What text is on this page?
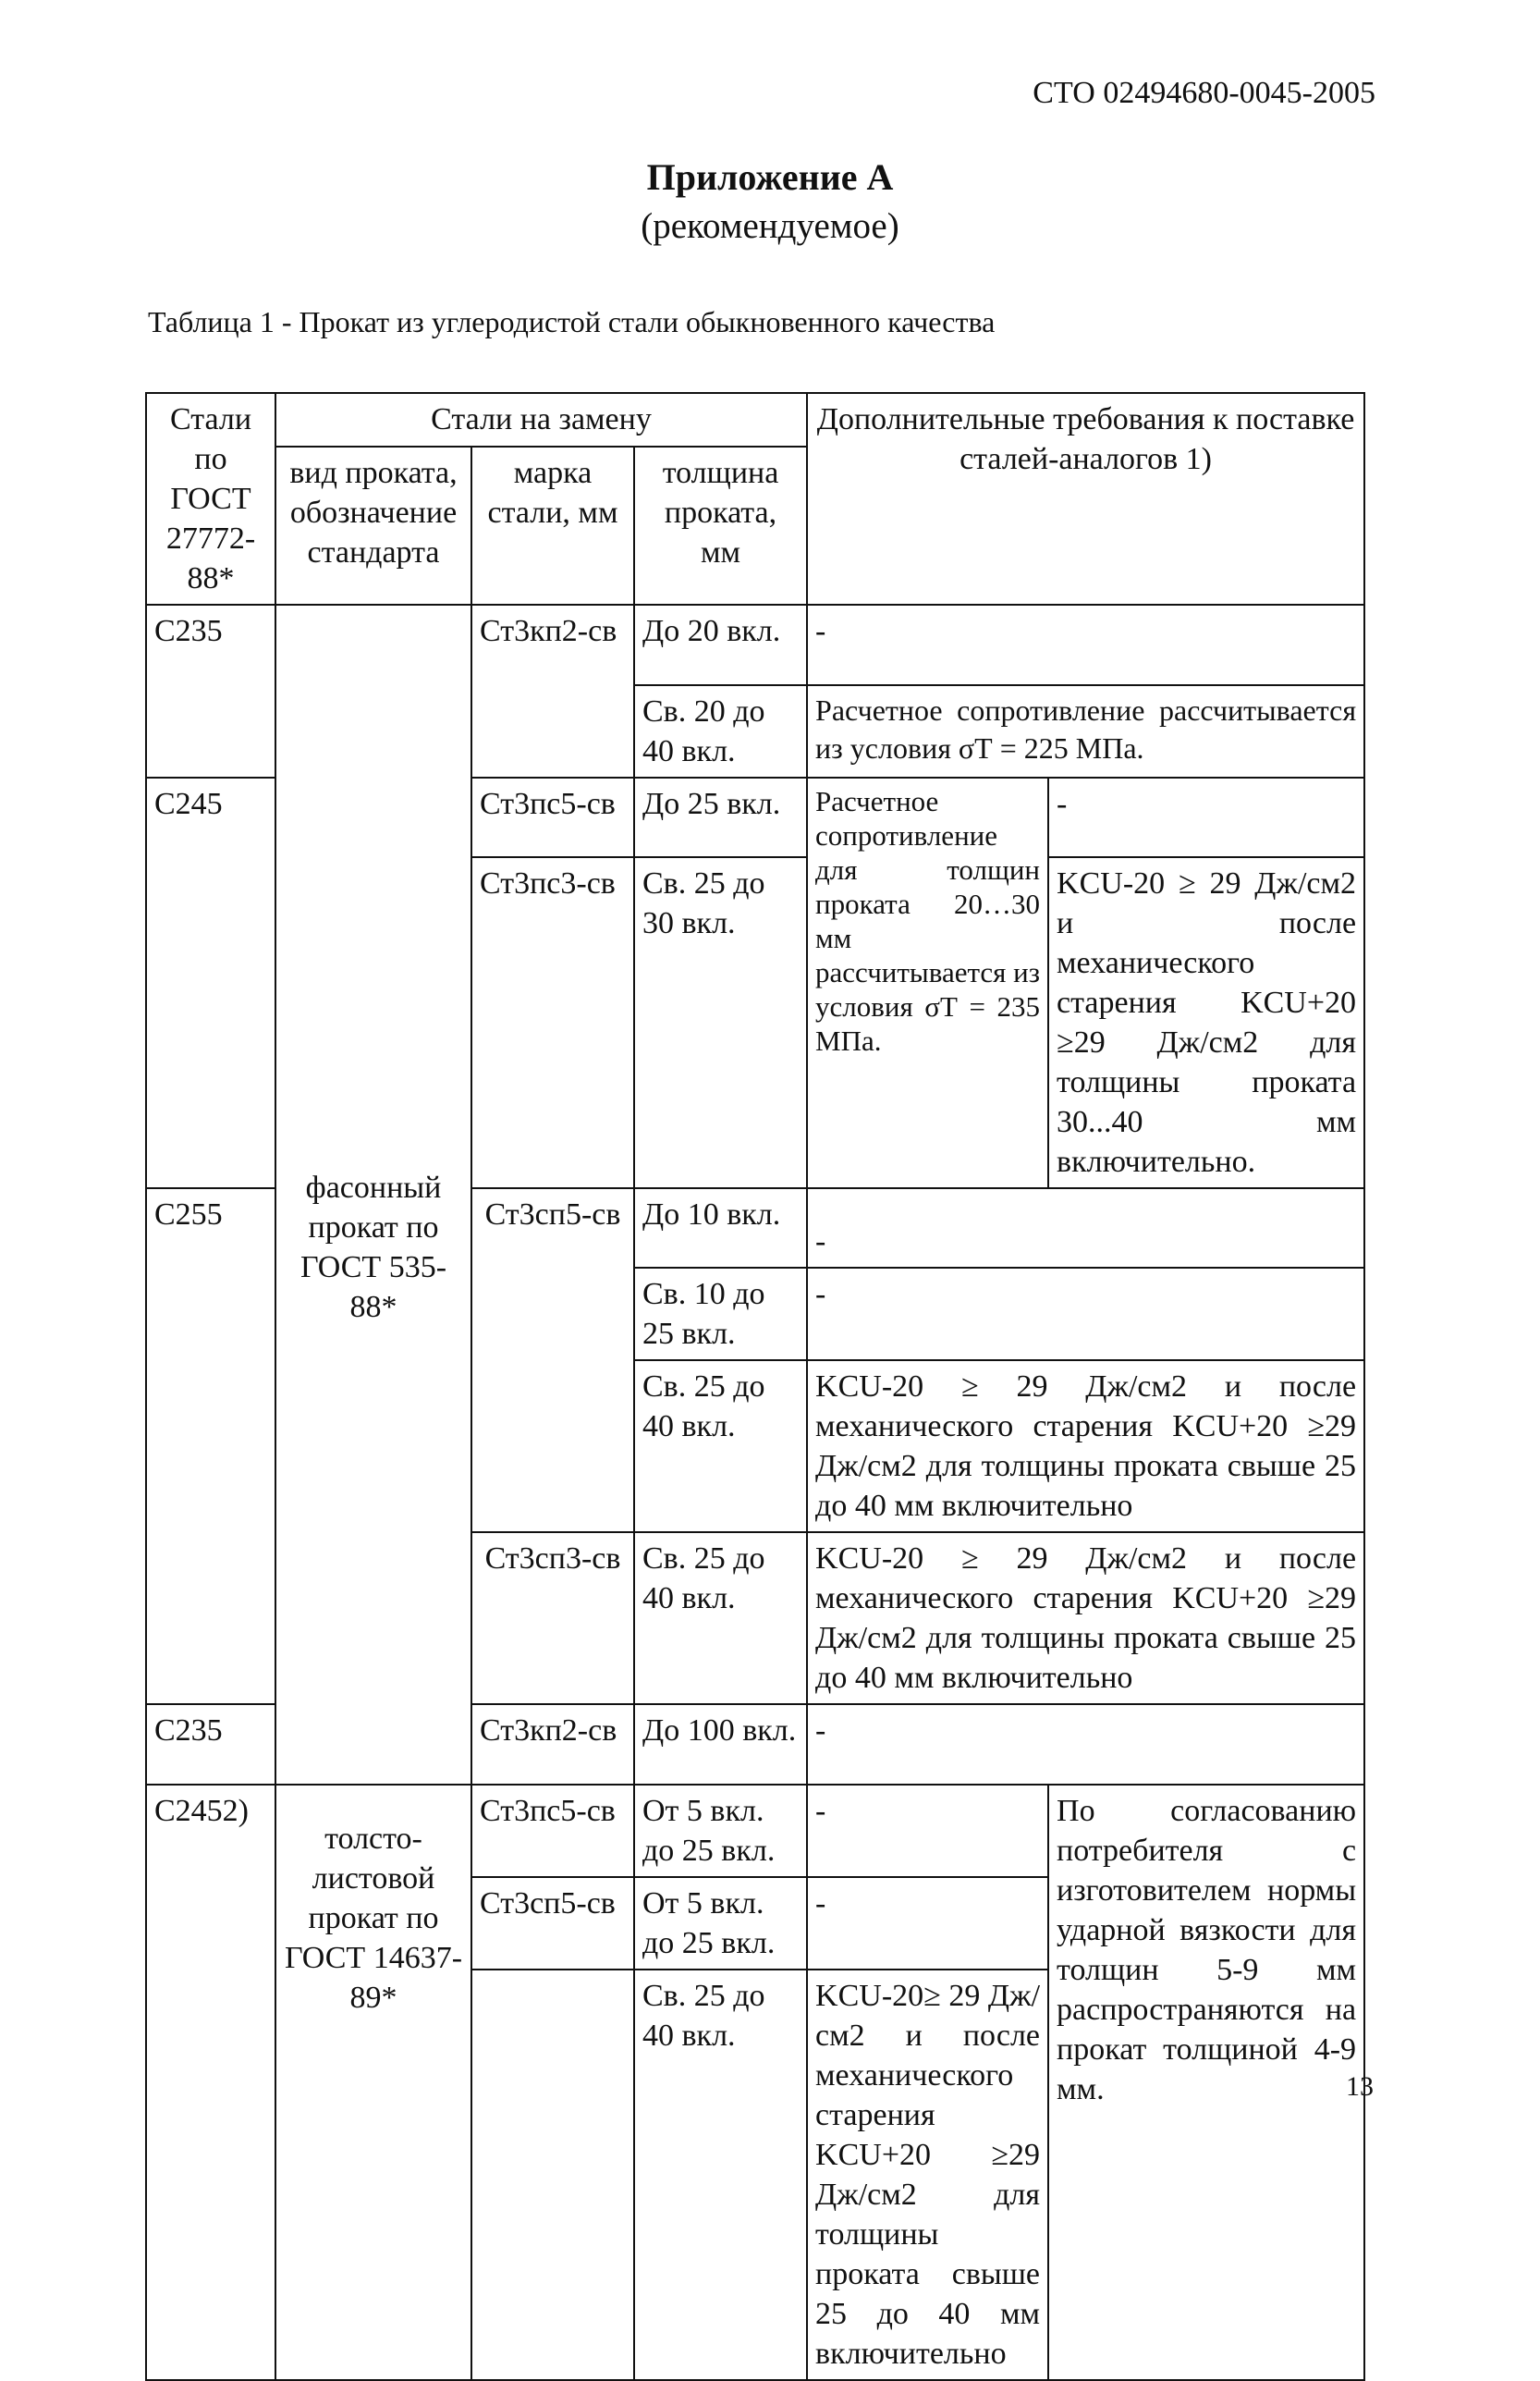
СТО 02494680-0045-2005
Приложение А
(рекомендуемое)
Таблица 1 - Прокат из углеродистой стали обыкновенного качества
Стали по ГОСТ 27772-88*	Стали на замену			Дополнительные требования к поставке сталей-аналогов 1)	
	вид проката, обозначение стандарта	марка стали, мм	толщина проката, мм		
С235	фасонный прокат по ГОСТ 535-88*	Ст3кп2-св	До 20 вкл.	-	
			Св. 20 до 40 вкл.	Расчетное сопротивление рассчитывается из условия σТ = 225 МПа.	
С245		Ст3пс5-св	До 25 вкл.	Расчетное сопротивление для толщин проката 20…30 мм рассчитывается из условия σТ = 235 МПа.	-
		Ст3пс3-св	Св. 25 до 30 вкл.		KCU-20 ≥ 29 Дж/см2 и после механического старения KCU+20 ≥29 Дж/см2 для толщины проката 30...40 мм включительно.
С255		Ст3сп5-св	До 10 вкл.	-	
			Св. 10 до 25 вкл.	-	
			Св. 25 до 40 вкл.	KCU-20 ≥ 29 Дж/см2 и после механического старения KCU+20 ≥29 Дж/см2 для толщины проката свыше 25 до 40 мм включительно	
		Ст3сп3-св	Св. 25 до 40 вкл.	KCU-20 ≥ 29 Дж/см2 и после механического старения KCU+20 ≥29 Дж/см2 для толщины проката свыше 25 до 40 мм включительно	
С235		Ст3кп2-св	До 100 вкл.	-	
С2452)	толсто-листовой прокат по ГОСТ 14637-89*	Ст3пс5-св	От 5 вкл. до 25 вкл.	-	По согласованию потребителя с изготовителем нормы ударной вязкости для толщин 5-9 мм распространяются на прокат толщиной 4-9 мм.
		Ст3сп5-св	От 5 вкл. до 25 вкл.	-	
			Св. 25 до 40 вкл.	KCU-20≥ 29 Дж/см2 и после механического старения KCU+20 ≥29 Дж/см2 для толщины проката свыше 25 до 40 мм включительно	
13
